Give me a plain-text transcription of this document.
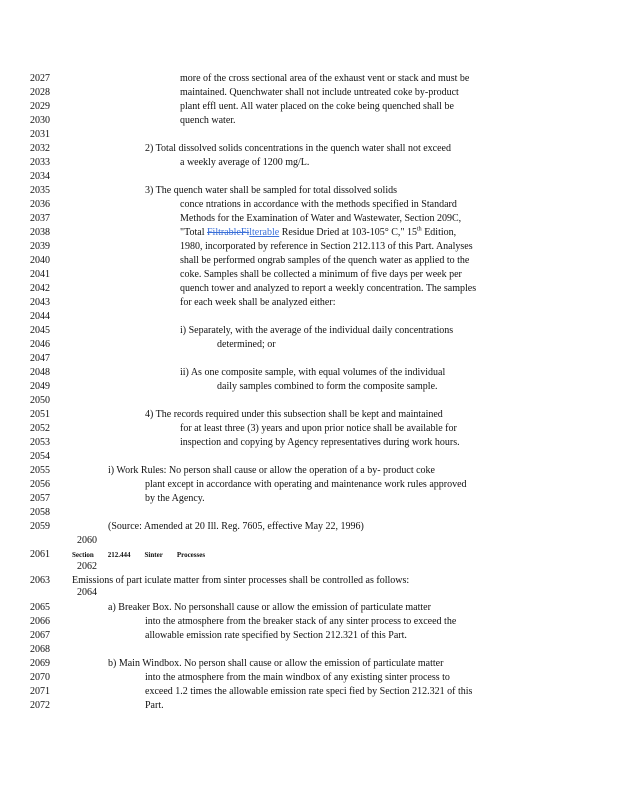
2027	more of the cross sectional area of the exhaust vent or stack and must be
2028	maintained. Quenchwater shall not include untreated coke by-product
2029	plant effl uent. All water placed on the coke being quenched shall be
2030	quench water.
2031
2032	2) Total dissolved solids concentrations in the quench water shall not exceed
2033	a weekly average of 1200 mg/L.
2034
2035	3) The quench water shall be sampled for total dissolved solids
2036	conce ntrations in accordance with the methods specified in Standard
2037	Methods for the Examination of Water and Wastewater, Section 209C,
2038	"Total FiltrableFilterable Residue Dried at 103-105° C," 15th Edition,
2039	1980, incorporated by reference in Section 212.113 of this Part. Analyses
2040	shall be performed ongrab samples of the quench water as applied to the
2041	coke. Samples shall be collected a minimum of five days per week per
2042	quench tower and analyzed to report a weekly concentration. The samples
2043	for each week shall be analyzed either:
2044
2045	i) Separately, with the average of the individual daily concentrations
2046	determined; or
2047
2048	ii) As one composite sample, with equal volumes of the individual
2049	daily samples combined to form the composite sample.
2050
2051	4) The records required under this subsection shall be kept and maintained
2052	for at least three (3) years and upon prior notice shall be available for
2053	inspection and copying by Agency representatives during work hours.
2054
2055	i) Work Rules: No person shall cause or allow the operation of a by- product coke
2056	plant except in accordance with operating and maintenance work rules approved
2057	by the Agency.
2058
2059	(Source: Amended at 20 Ill. Reg. 7605, effective May 22, 1996)
2060
2061	Section 212.444 Sinter Processes
2062
2063 Emissions of part iculate matter from sinter processes shall be controlled as follows:
2064
2065	a) Breaker Box. No personshall cause or allow the emission of particulate matter
2066	into the atmosphere from the breaker stack of any sinter process to exceed the
2067	allowable emission rate specified by Section 212.321 of this Part.
2068
2069	b) Main Windbox. No person shall cause or allow the emission of particulate matter
2070	into the atmosphere from the main windbox of any existing sinter process to
2071	exceed 1.2 times the allowable emission rate speci fied by Section 212.321 of this
2072	Part.
